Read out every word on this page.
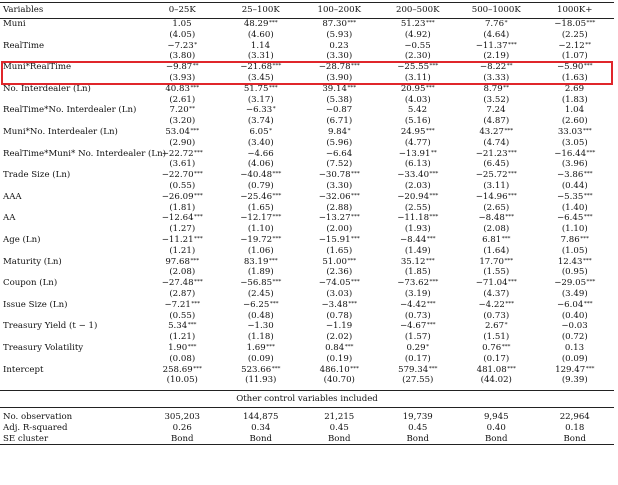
Variables	0–25K	25–100K	100–200K	200–500K	500–1000K	1000K+
Muni	1.05	48.29***	87.30***	51.23***	7.76*	−18.05***
	(4.05)	(4.60)	(5.93)	(4.92)	(4.64)	(2.25)
RealTime	−7.23*	1.14	0.23	−0.55	−11.37***	−2.12**
	(3.80)	(3.31)	(3.30)	(2.30)	(2.19)	(1.07)
Muni*RealTime	−9.87**	−21.68***	−28.78***	−25.55***	−8.22**	−5.90***
	(3.93)	(3.45)	(3.90)	(3.11)	(3.33)	(1.63)
No. Interdealer (Ln)	40.83***	51.75***	39.14***	20.95***	8.79**	2.69
	(2.61)	(3.17)	(5.38)	(4.03)	(3.52)	(1.83)
RealTime*No. Interdealer (Ln)	7.20**	−6.33*	−0.87	5.42	7.24	1.04
	(3.20)	(3.74)	(6.71)	(5.16)	(4.87)	(2.60)
Muni*No. Interdealer (Ln)	53.04***	6.05*	9.84*	24.95***	43.27***	33.03***
	(2.90)	(3.40)	(5.96)	(4.77)	(4.74)	(3.05)
RealTime*Muni* No. Interdealer (Ln)	−22.72***	−4.66	−6.64	−13.91**	−21.23***	−16.44***
	(3.61)	(4.06)	(7.52)	(6.13)	(6.45)	(3.96)
Trade Size (Ln)	−22.70***	−40.48***	−30.78***	−33.40***	−25.72***	−3.86***
	(0.55)	(0.79)	(3.30)	(2.03)	(3.11)	(0.44)
AAA	−26.09***	−25.46***	−32.06***	−20.94***	−14.96***	−5.35***
	(1.81)	(1.65)	(2.88)	(2.55)	(2.65)	(1.40)
AA	−12.64***	−12.17***	−13.27***	−11.18***	−8.48***	−6.45***
	(1.27)	(1.10)	(2.00)	(1.93)	(2.08)	(1.10)
Age (Ln)	−11.21***	−19.72***	−15.91***	−8.44***	6.81***	7.86***
	(1.21)	(1.06)	(1.65)	(1.49)	(1.64)	(1.05)
Maturity (Ln)	97.68***	83.19***	51.00***	35.12***	17.70***	12.43***
	(2.08)	(1.89)	(2.36)	(1.85)	(1.55)	(0.95)
Coupon (Ln)	−27.48***	−56.85***	−74.05***	−73.62***	−71.04***	−29.05***
	(2.87)	(2.45)	(3.03)	(3.19)	(4.37)	(3.49)
Issue Size (Ln)	−7.21***	−6.25***	−3.48***	−4.42***	−4.22***	−6.04***
	(0.55)	(0.48)	(0.78)	(0.73)	(0.73)	(0.40)
Treasury Yield (t − 1)	5.34***	−1.30	−1.19	−4.67***	2.67*	−0.03
	(1.21)	(1.18)	(2.02)	(1.57)	(1.51)	(0.72)
Treasury Volatility	1.90***	1.69***	0.84***	0.29*	0.76***	0.13
	(0.08)	(0.09)	(0.19)	(0.17)	(0.17)	(0.09)
Intercept	258.69***	523.66***	486.10***	579.34***	481.08***	129.47***
	(10.05)	(11.93)	(40.70)	(27.55)	(44.02)	(9.39)

Other control variables included						

No. observation	305,203	144,875	21,215	19,739	9,945	22,964
Adj. R-squared	0.26	0.34	0.45	0.45	0.40	0.18
SE cluster	Bond	Bond	Bond	Bond	Bond	Bond
